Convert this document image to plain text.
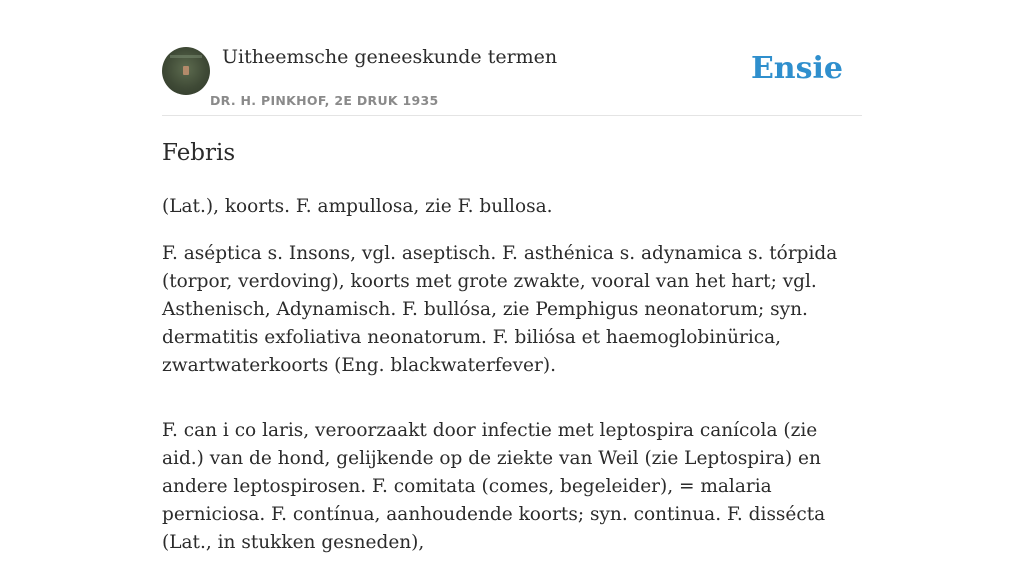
Uitheemsche geneeskunde termen
DR. H. PINKHOF, 2E DRUK 1935
Ensie
Febris

(Lat.), koorts. F. ampullosa, zie F. bullosa.

F. aséptica s. Insons, vgl. aseptisch. F. asthénica s. adynamica s. tórpida (torpor, verdoving), koorts met grote zwakte, vooral van het hart; vgl. Asthenisch, Adynamisch. F. bullósa, zie Pemphigus neonatorum; syn. dermatitis exfoliativa neonatorum. F. biliósa et haemoglobinürica, zwartwaterkoorts (Eng. blackwaterfever).

F. can i co laris, veroorzaakt door infectie met leptospira canícola (zie aid.) van de hond, gelijkende op de ziekte van Weil (zie Leptospira) en andere leptospirosen. F. comitata (comes, begeleider), = malaria perniciosa. F. contínua, aanhoudende koorts; syn. continua. F. dissécta (Lat., in stukken gesneden),
